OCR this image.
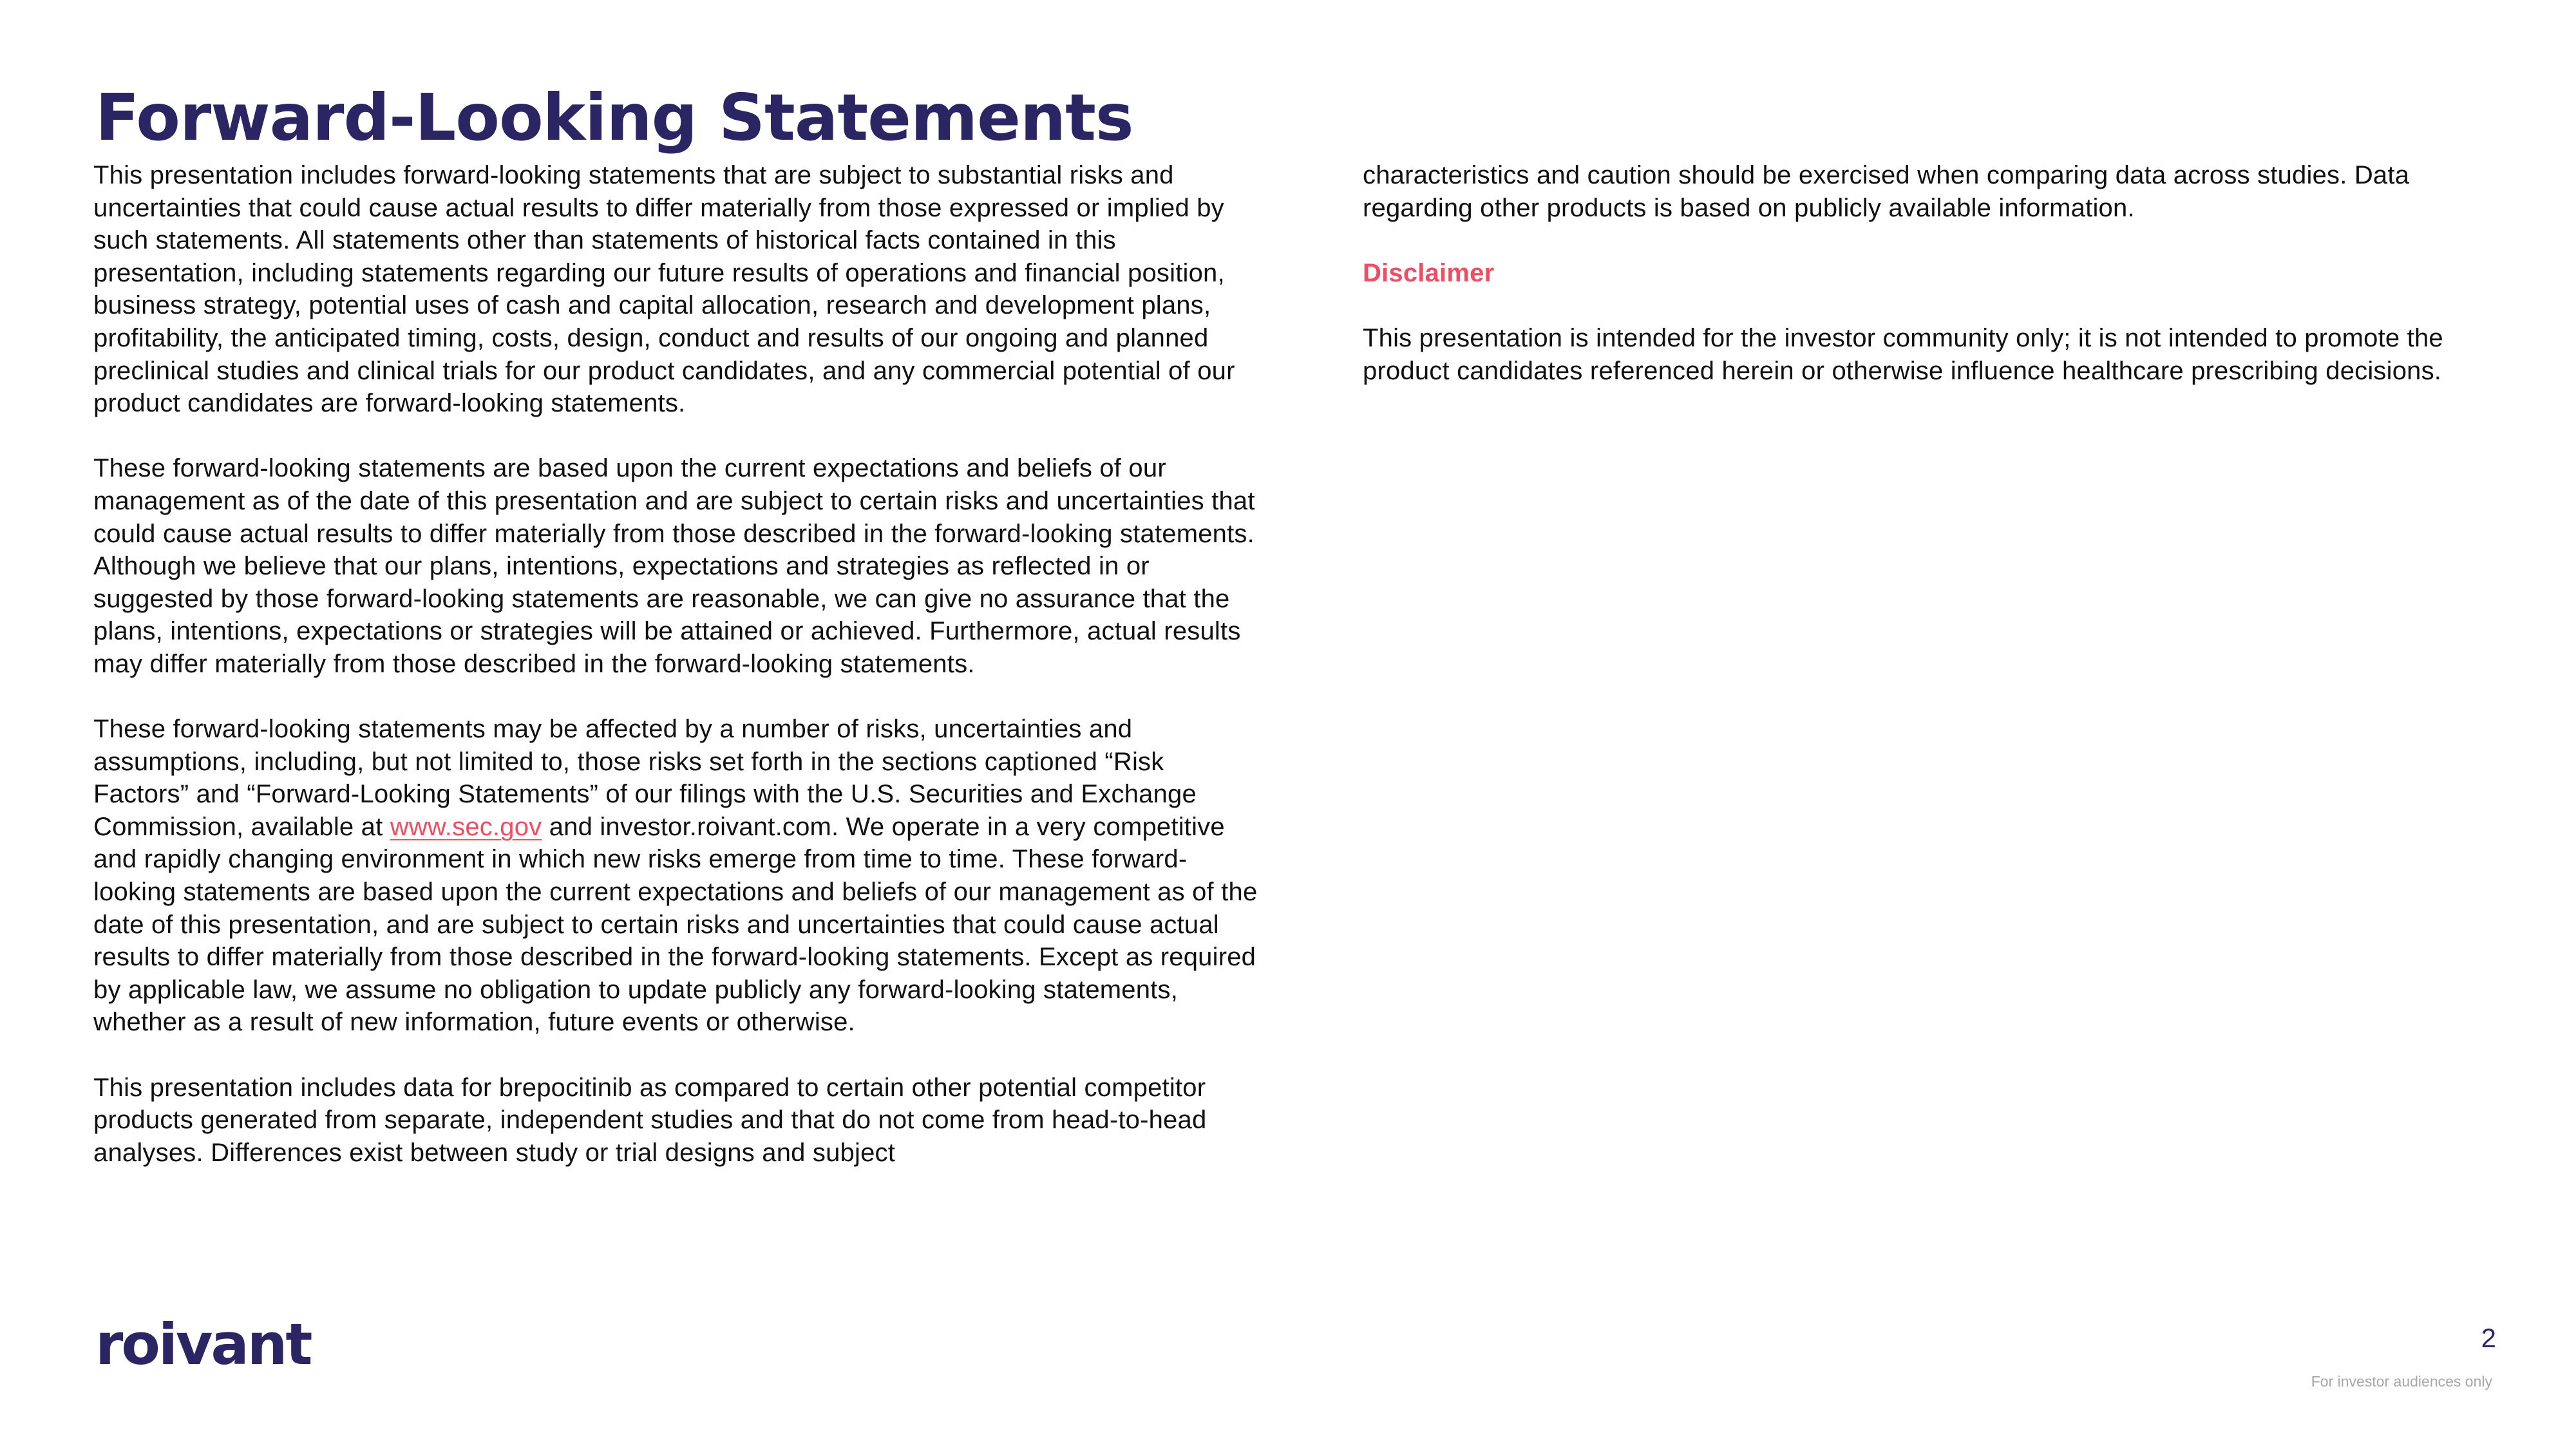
Forward-Looking Statements

This presentation includes forward-looking statements that are subject to substantial risks and uncertainties that could cause actual results to differ materially from those expressed or implied by such statements. All statements other than statements of historical facts contained in this presentation, including statements regarding our future results of operations and financial position, business strategy, potential uses of cash and capital allocation, research and development plans, profitability, the anticipated timing, costs, design, conduct and results of our ongoing and planned preclinical studies and clinical trials for our product candidates, and any commercial potential of our product candidates are forward-looking statements.

These forward-looking statements are based upon the current expectations and beliefs of our management as of the date of this presentation and are subject to certain risks and uncertainties that could cause actual results to differ materially from those described in the forward-looking statements. Although we believe that our plans, intentions, expectations and strategies as reflected in or suggested by those forward-looking statements are reasonable, we can give no assurance that the plans, intentions, expectations or strategies will be attained or achieved. Furthermore, actual results may differ materially from those described in the forward-looking statements.

These forward-looking statements may be affected by a number of risks, uncertainties and assumptions, including, but not limited to, those risks set forth in the sections captioned “Risk Factors” and “Forward-Looking Statements” of our filings with the U.S. Securities and Exchange Commission, available at www.sec.gov and investor.roivant.com. We operate in a very competitive and rapidly changing environment in which new risks emerge from time to time. These forward-looking statements are based upon the current expectations and beliefs of our management as of the date of this presentation, and are subject to certain risks and uncertainties that could cause actual results to differ materially from those described in the forward-looking statements. Except as required by applicable law, we assume no obligation to update publicly any forward-looking statements, whether as a result of new information, future events or otherwise.

This presentation includes data for brepocitinib as compared to certain other potential competitor products generated from separate, independent studies and that do not come from head-to-head analyses. Differences exist between study or trial designs and subject

characteristics and caution should be exercised when comparing data across studies. Data regarding other products is based on publicly available information.

Disclaimer

This presentation is intended for the investor community only; it is not intended to promote the product candidates referenced herein or otherwise influence healthcare prescribing decisions.

roivant	2
For investor audiences only
